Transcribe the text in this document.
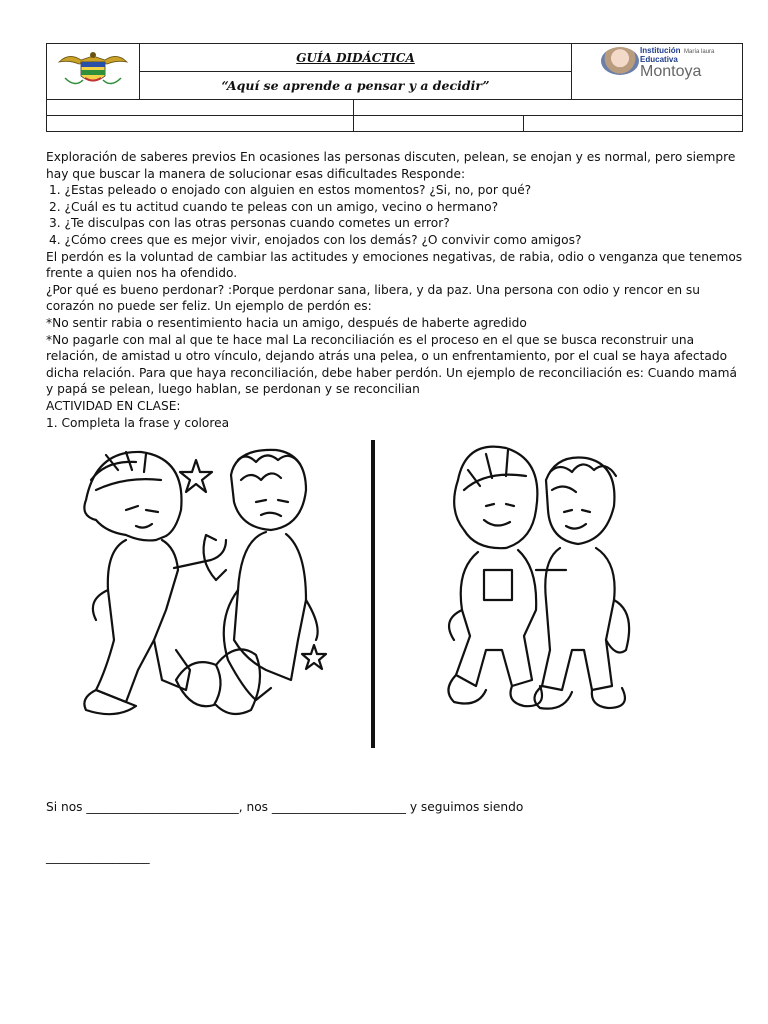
	GUÍA DIDÁCTICA			Institución María laura
Educativa
Montoya

	“Aquí se aprende a pensar y a decidir”			

Exploración de saberes previos En ocasiones las personas discuten, pelean, se enojan y es normal, pero siempre

hay que buscar la manera de solucionar esas dificultades Responde:

1. ¿Estas peleado o enojado con alguien en estos momentos? ¿Si, no, por qué?

2. ¿Cuál es tu actitud cuando te peleas con un amigo, vecino o hermano?

3. ¿Te disculpas con las otras personas cuando cometes un error?

4. ¿Cómo crees que es mejor vivir, enojados con los demás? ¿O convivir como amigos?

El perdón es la voluntad de cambiar las actitudes y emociones negativas, de rabia, odio o venganza que tenemos

frente a quien nos ha ofendido.

¿Por qué es bueno perdonar? :Porque perdonar sana, libera, y da paz. Una persona con odio y rencor en su

corazón no puede ser feliz. Un ejemplo de perdón es:

*No sentir rabia o resentimiento hacia un amigo, después de haberte agredido

*No pagarle con mal al que te hace mal La reconciliación es el proceso en el que se busca reconstruir una

relación, de amistad u otro vínculo, dejando atrás una pelea, o un enfrentamiento, por el cual se haya afectado

dicha relación. Para que haya reconciliación, debe haber perdón. Un ejemplo de reconciliación es: Cuando mamá

y papá se pelean, luego hablan, se perdonan y se reconcilian

ACTIVIDAD EN CLASE:

1. Completa la frase y colorea

Si nos _________________________, nos ______________________ y seguimos siendo

_________________
